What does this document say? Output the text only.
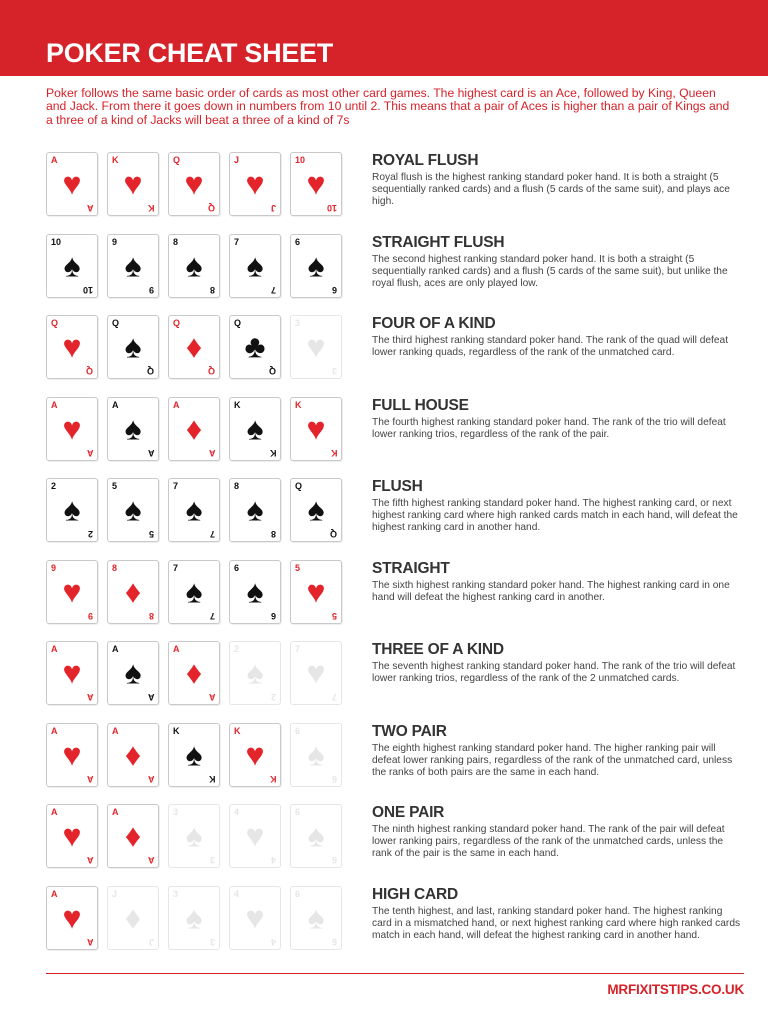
POKER CHEAT SHEET
Poker follows the same basic order of cards as most other card games. The highest card is an Ace, followed by King, Queen and Jack. From there it goes down in numbers from 10 until 2. This means that a pair of Aces is higher than a pair of Kings and a three of a kind of Jacks will beat a three of a kind of 7s
A
♥
A
K
♥
K
Q
♥
Q
J
♥
J
10
♥
10
ROYAL FLUSH
Royal flush is the highest ranking standard poker hand. It is both a straight (5 sequentially ranked cards) and a flush (5 cards of the same suit), and plays ace high.
10
♠
10
9
♠
9
8
♠
8
7
♠
7
6
♠
6
STRAIGHT FLUSH
The second highest ranking standard poker hand. It is both a straight (5 sequentially ranked cards) and a flush (5 cards of the same suit), but unlike the royal flush, aces are only played low.
Q
♥
Q
Q
♠
Q
Q
♦
Q
Q
♣
Q
3
♥
3
FOUR OF A KIND
The third highest ranking standard poker hand. The rank of the quad will defeat lower ranking quads, regardless of the rank of the unmatched card.
A
♥
A
A
♠
A
A
♦
A
K
♠
K
K
♥
K
FULL HOUSE
The fourth highest ranking standard poker hand. The rank of the trio will defeat lower ranking trios, regardless of the rank of the pair.
2
♠
2
5
♠
5
7
♠
7
8
♠
8
Q
♠
Q
FLUSH
The fifth highest ranking standard poker hand. The highest ranking card, or next highest ranking card where high ranked cards match in each hand, will defeat the highest ranking card in another hand.
9
♥
9
8
♦
8
7
♠
7
6
♠
6
5
♥
5
STRAIGHT
The sixth highest ranking standard poker hand. The highest ranking card in one hand will defeat the highest ranking card in another.
A
♥
A
A
♠
A
A
♦
A
2
♠
2
7
♥
7
THREE OF A KIND
The seventh highest ranking standard poker hand. The rank of the trio will defeat lower ranking trios, regardless of the rank of the 2 unmatched cards.
A
♥
A
A
♦
A
K
♠
K
K
♥
K
6
♠
6
TWO PAIR
The eighth highest ranking standard poker hand. The higher ranking pair will defeat lower ranking pairs, regardless of the rank of the unmatched card, unless the ranks of both pairs are the same in each hand.
A
♥
A
A
♦
A
3
♠
3
4
♥
4
6
♠
6
ONE PAIR
The ninth highest ranking standard poker hand. The rank of the pair will defeat lower ranking pairs, regardless of the rank of the unmatched cards, unless the rank of the pair is the same in each hand.
A
♥
A
J
♦
J
3
♠
3
4
♥
4
6
♠
6
HIGH CARD
The tenth highest, and last, ranking standard poker hand. The highest ranking card in a mismatched hand, or next highest ranking card where high ranked cards match in each hand, will defeat the highest ranking card in another hand.
MRFIXITSTIPS.CO.UK
